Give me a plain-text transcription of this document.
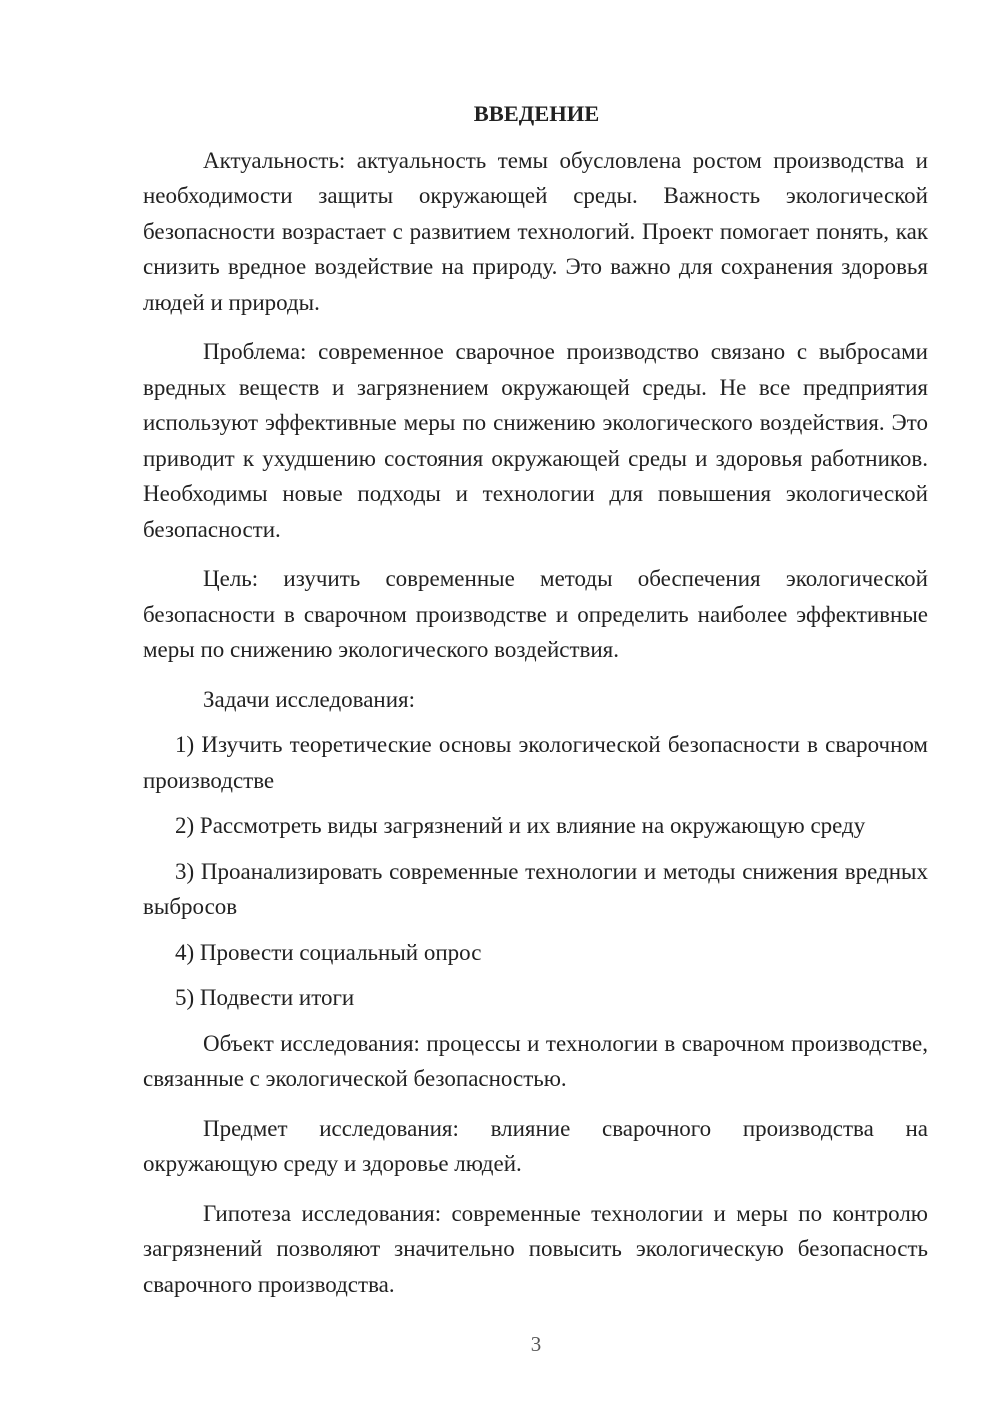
ВВЕДЕНИЕ

Актуальность: актуальность темы обусловлена ростом производства и необходимости защиты окружающей среды. Важность экологической безопасности возрастает с развитием технологий. Проект помогает понять, как снизить вредное воздействие на природу. Это важно для сохранения здоровья людей и природы.

Проблема: современное сварочное производство связано с выбросами вредных веществ и загрязнением окружающей среды. Не все предприятия используют эффективные меры по снижению экологического воздействия. Это приводит к ухудшению состояния окружающей среды и здоровья работников. Необходимы новые подходы и технологии для повышения экологической безопасности.

Цель: изучить современные методы обеспечения экологической безопасности в сварочном производстве и определить наиболее эффективные меры по снижению экологического воздействия.

Задачи исследования:

1) Изучить теоретические основы экологической безопасности в сварочном производстве

2) Рассмотреть виды загрязнений и их влияние на окружающую среду

3) Проанализировать современные технологии и методы снижения вредных выбросов

4) Провести социальный опрос

5) Подвести итоги

Объект исследования: процессы и технологии в сварочном производстве, связанные с экологической безопасностью.

Предмет исследования: влияние сварочного производства на окружающую среду и здоровье людей.

Гипотеза исследования: современные технологии и меры по контролю загрязнений позволяют значительно повысить экологическую безопасность сварочного производства.

3
